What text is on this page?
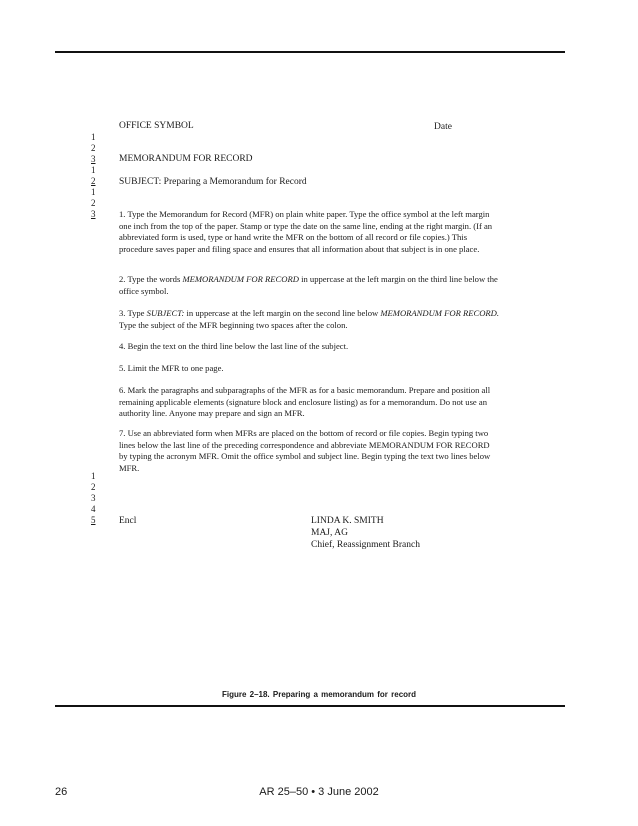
OFFICE SYMBOL	Date
1
2
3	MEMORANDUM FOR RECORD
1
2	SUBJECT: Preparing a Memorandum for Record
1
2
3	1. Type the Memorandum for Record (MFR) on plain white paper. Type the office symbol at the left margin one inch from the top of the paper. Stamp or type the date on the same line, ending at the right margin. (If an abbreviated form is used, type or hand write the MFR on the bottom of all record or file copies.) This procedure saves paper and filing space and ensures that all information about that subject is in one place.

2. Type the words MEMORANDUM FOR RECORD in uppercase at the left margin on the third line below the office symbol.

3. Type SUBJECT: in uppercase at the left margin on the second line below MEMORANDUM FOR RECORD. Type the subject of the MFR beginning two spaces after the colon.

4. Begin the text on the third line below the last line of the subject.

5. Limit the MFR to one page.

6. Mark the paragraphs and subparagraphs of the MFR as for a basic memorandum. Prepare and position all remaining applicable elements (signature block and enclosure listing) as for a memorandum. Do not use an authority line. Anyone may prepare and sign an MFR.

7. Use an abbreviated form when MFRs are placed on the bottom of record or file copies. Begin typing two lines below the last line of the preceding correspondence and abbreviate MEMORANDUM FOR RECORD by typing the acronym MFR. Omit the office symbol and subject line. Begin typing the text two lines below MFR.

1
2
3
4
5	Encl	LINDA K. SMITH
MAJ, AG
Chief, Reassignment Branch
Figure 2–18. Preparing a memorandum for record
26	AR 25–50 • 3 June 2002
